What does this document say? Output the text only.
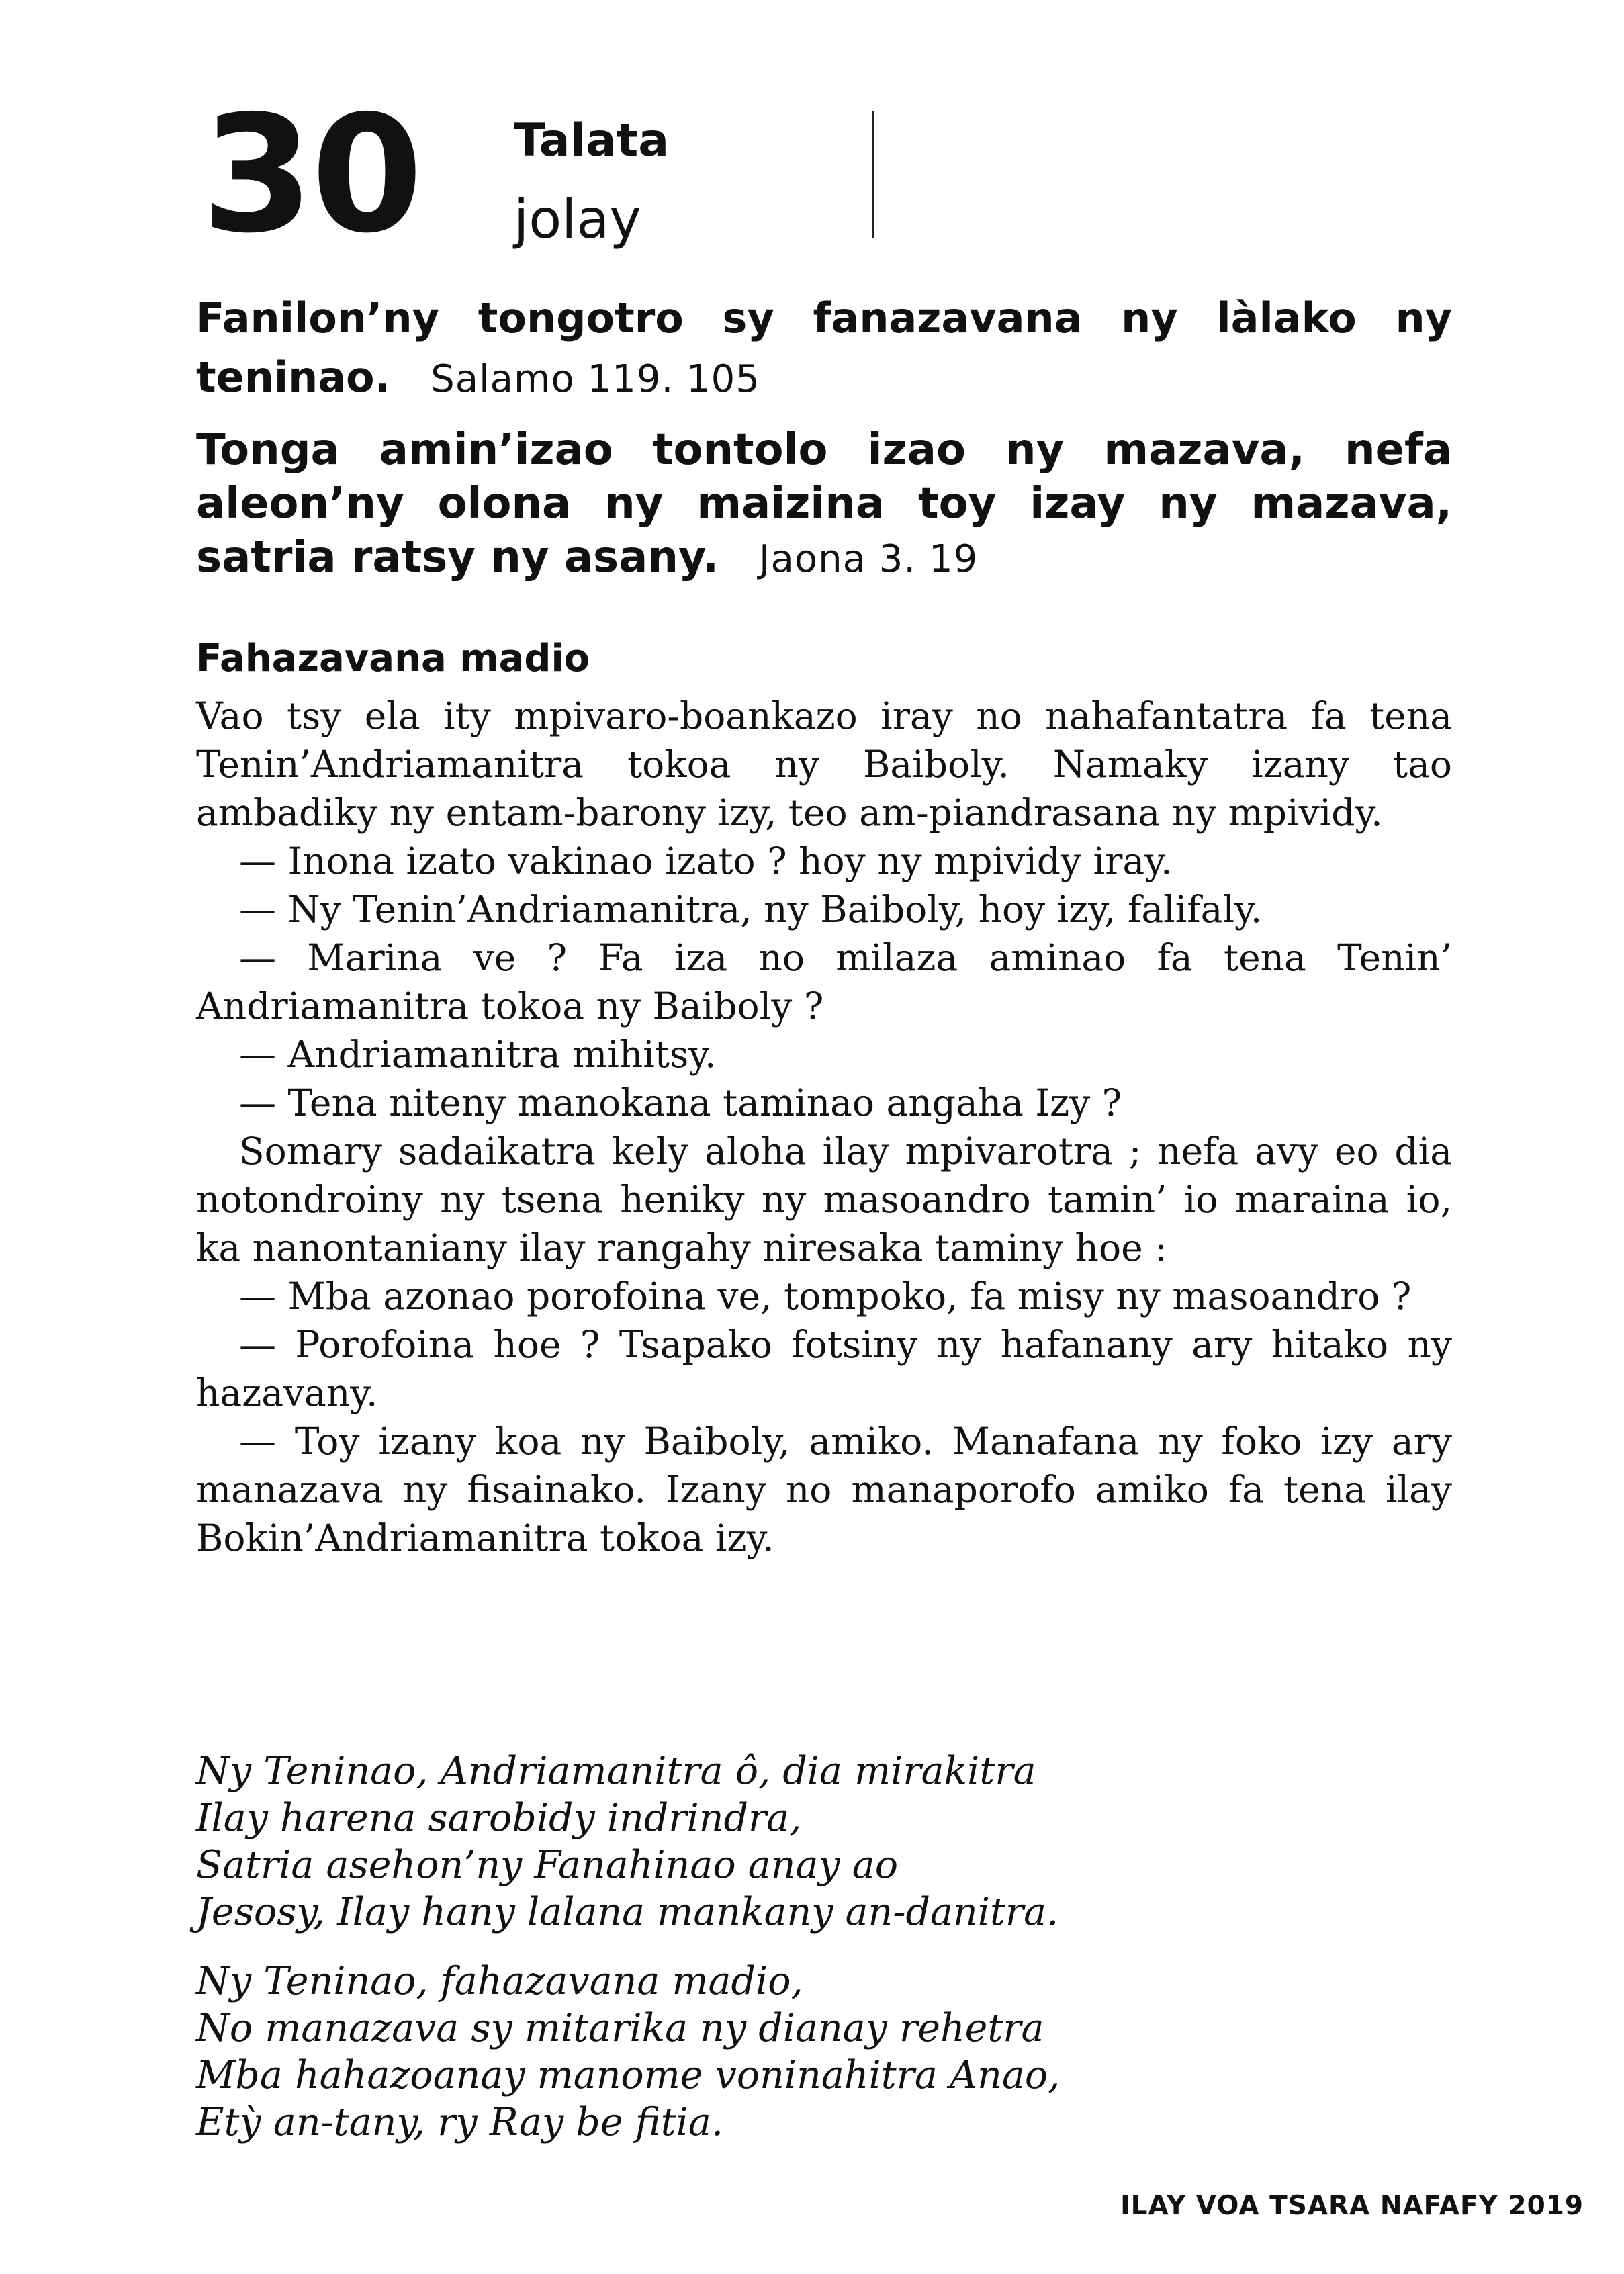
30 Talata
jolay
Fanilon’ny tongotro sy fanazavana ny làlako ny teninao. Salamo 119. 105
Tonga amin’izao tontolo izao ny mazava, nefa aleon’ny olona ny maizina toy izay ny mazava, satria ratsy ny asany. Jaona 3. 19
Fahazavana madio

Vao tsy ela ity mpivaro-boankazo iray no nahafantatra fa tena Tenin’Andriamanitra tokoa ny Baiboly. Namaky izany tao ambadiky ny entam-barony izy, teo am-piandrasana ny mpividy.

— Inona izato vakinao izato ? hoy ny mpividy iray.

— Ny Tenin’Andriamanitra, ny Baiboly, hoy izy, falifaly.

— Marina ve ? Fa iza no milaza aminao fa tena Tenin’ Andriamanitra tokoa ny Baiboly ?

— Andriamanitra mihitsy.

— Tena niteny manokana taminao angaha Izy ?

Somary sadaikatra kely aloha ilay mpivarotra ; nefa avy eo dia notondroiny ny tsena heniky ny masoandro tamin’ io maraina io, ka nanontaniany ilay rangahy niresaka taminy hoe :

— Mba azonao porofoina ve, tompoko, fa misy ny masoandro ?

— Porofoina hoe ? Tsapako fotsiny ny hafanany ary hitako ny hazavany.

— Toy izany koa ny Baiboly, amiko. Manafana ny foko izy ary manazava ny fisainako. Izany no manaporofo amiko fa tena ilay Bokin’Andriamanitra tokoa izy.

Ny Teninao, Andriamanitra ô, dia mirakitra
Ilay harena sarobidy indrindra,
Satria asehon’ny Fanahinao anay ao
Jesosy, Ilay hany lalana mankany an-danitra.
Ny Teninao, fahazavana madio,
No manazava sy mitarika ny dianay rehetra
Mba hahazoanay manome voninahitra Anao,
Etỳ an-tany, ry Ray be fitia.
ILAY VOA TSARA NAFAFY 2019
